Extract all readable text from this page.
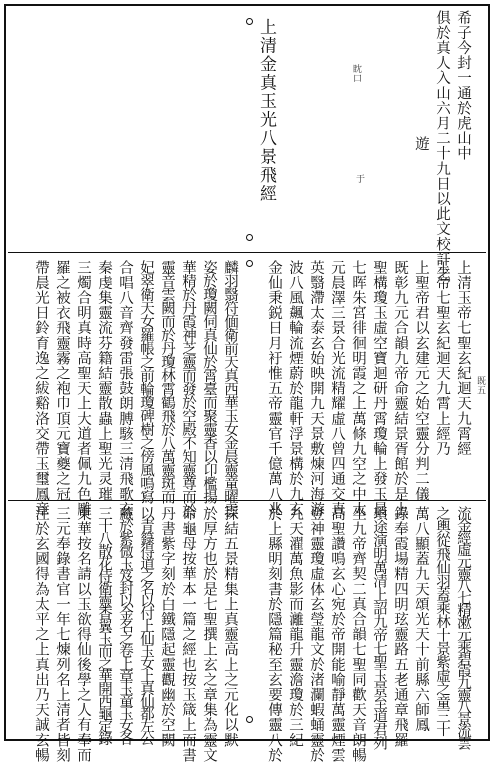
希子今封一通於虎山中
俱於真人入山六月二十九日以此文校訐乞
遊
眈口
于
上清金真玉光八景飛經
既五
上清玉帝七聖玄紀迴天九霄經
玉帝七聖玄紀迴天九霄上經乃
上聖帝君以玄建元之始空靈分判二儀
既彰九元合韻九帝命靈結景胥館於是上
聖構瓊玉虛空寶迴研丹霄瓊輪上發玉晨
七晖朱宮徘徊明霞之上萬條九空之中太
元晨澤三景合光流精耀虛八曾四通交真
英翳滯太泰玄始映開九天景敷煉河海游
波八風飆輪流煙蔚於龍軒浮景構於九玄
金仙秉鋭日月衧惟五帝靈官千億萬八兆
麟羽翳符偭衛前天真西華玉女金晨靈童曜雲
姿於瓊闕伺真仙於霄臺而聚靈香以卬檻揚
華精於丹霞神芝靈而發於空殿不知靈尊而於
靈音雲闕而於丹瓊林霄鶴飛於八萬靈斑而
妃翠衛天女羅帳之前輪瓊碑樹之傍風鳴寫
合唱八音齊發雷張鼓朗膊駭三清飛歌玄
秦虔集靈流芬籍結靈散蟲上聖光灵璀
三燭合明真時高聖天上大道者佩九色雕
羅之被衣飛靈霧之袍巾頂元寶夔之冠
帶晨光日鈴育逸之紱谿洛交帶玉璽鳳章
流金經虛元靈八七精漱元乘碧霞九靈八景流雲
之輿從飛仙羽蓋乘林十景紫虛之童三十
萬八顯蓋九天頌光天十前縣六師鳳
錄奉霞場精四明玹靈路五老通章飛羅
瑣途演明萬清上詔九帝七聖玉景至道君列
坐九帝齊契二真合韻七聖同歡天音朗暢
高聖讚鳴玄心宛於帝開能喻靜萬靈煙雲
登神靈瓊虛体玄瑩龍文於渚瀾蝦蛹靈於
九天濯萬魚影而灕龍升靈澹瓊於三紀
於上縣明刻書於隱篇秘至玄要傳靈八於
採結五景精集上真靈高上之元化以默
於厚方也於是七聖撰上玄之章集為靈文
命龜母按華本一篇之經也按玉箴上而書
丹書紫字刻於白鐵隱起靈觀幽於空闕
以青籙得道之名以付上仙玉女上真仙都左公
藏於紫微玉笈封以金名之卷上章玉童玉女各
三十八散花侍衛靈香翼玉而之華開西龜定錄
東華按名請以玉欲得仙後學之人有奉而
三元奉錄書官一年七煉列名上清者皆刻
注於玄國得為太平之上真出乃天誠玄暢
